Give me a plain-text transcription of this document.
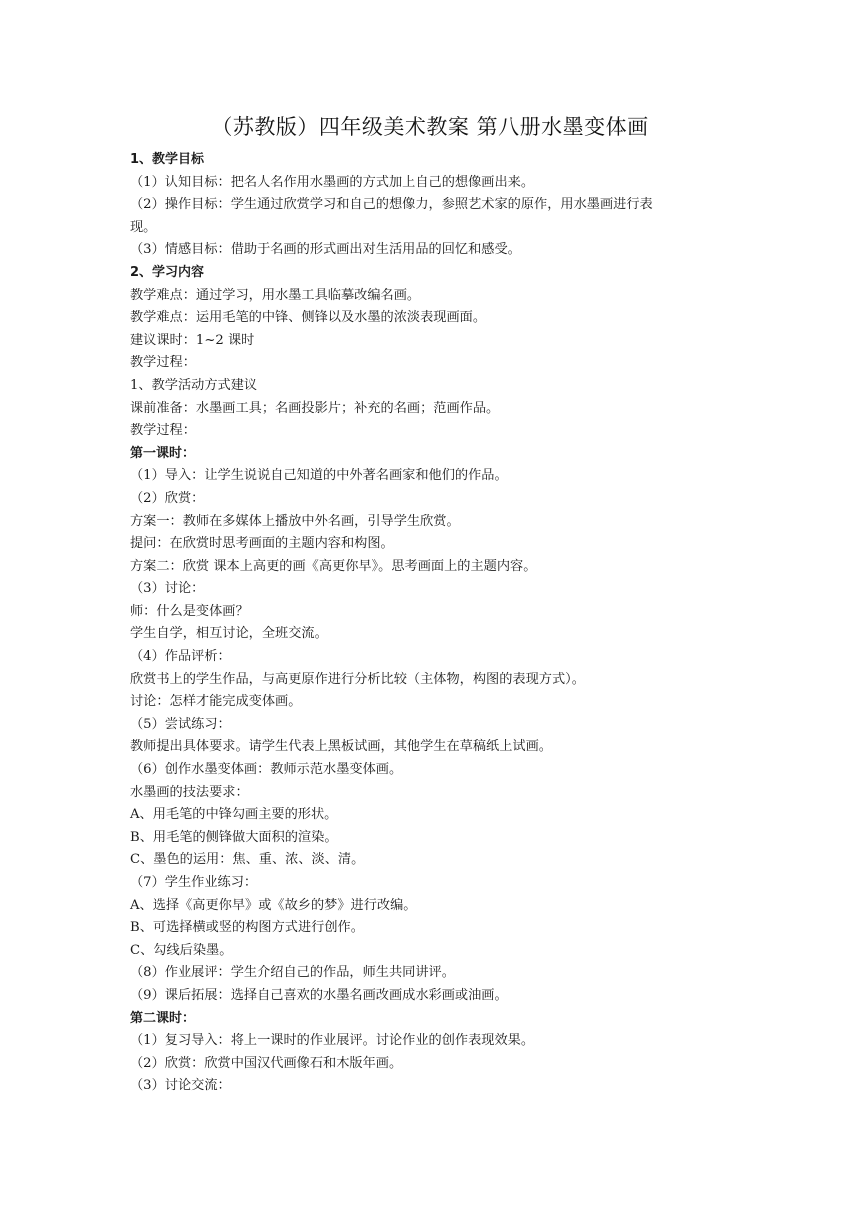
（苏教版）四年级美术教案 第八册水墨变体画
1、教学目标
（1）认知目标：把名人名作用水墨画的方式加上自己的想像画出来。
（2）操作目标：学生通过欣赏学习和自己的想像力，参照艺术家的原作，用水墨画进行表
现。
（3）情感目标：借助于名画的形式画出对生活用品的回忆和感受。
2、学习内容
教学难点：通过学习，用水墨工具临摹改编名画。
教学难点：运用毛笔的中锋、侧锋以及水墨的浓淡表现画面。
建议课时：1~2 课时
教学过程：
1、教学活动方式建议
课前准备：水墨画工具；名画投影片；补充的名画；范画作品。
教学过程：
第一课时：
（1）导入：让学生说说自己知道的中外著名画家和他们的作品。
（2）欣赏：
方案一：教师在多媒体上播放中外名画，引导学生欣赏。
提问：在欣赏时思考画面的主题内容和构图。
方案二：欣赏 课本上高更的画《高更你早》。思考画面上的主题内容。
（3）讨论：
师：什么是变体画？
学生自学，相互讨论，全班交流。
（4）作品评析：
欣赏书上的学生作品，与高更原作进行分析比较（主体物，构图的表现方式）。
讨论：怎样才能完成变体画。
（5）尝试练习：
教师提出具体要求。请学生代表上黑板试画，其他学生在草稿纸上试画。
（6）创作水墨变体画：教师示范水墨变体画。
水墨画的技法要求：
A、用毛笔的中锋勾画主要的形状。
B、用毛笔的侧锋做大面积的渲染。
C、墨色的运用：焦、重、浓、淡、清。
（7）学生作业练习：
A、选择《高更你早》或《故乡的梦》进行改编。
B、可选择横或竖的构图方式进行创作。
C、勾线后染墨。
（8）作业展评：学生介绍自己的作品，师生共同讲评。
（9）课后拓展：选择自己喜欢的水墨名画改画成水彩画或油画。
第二课时：
（1）复习导入：将上一课时的作业展评。讨论作业的创作表现效果。
（2）欣赏：欣赏中国汉代画像石和木版年画。
（3）讨论交流：
